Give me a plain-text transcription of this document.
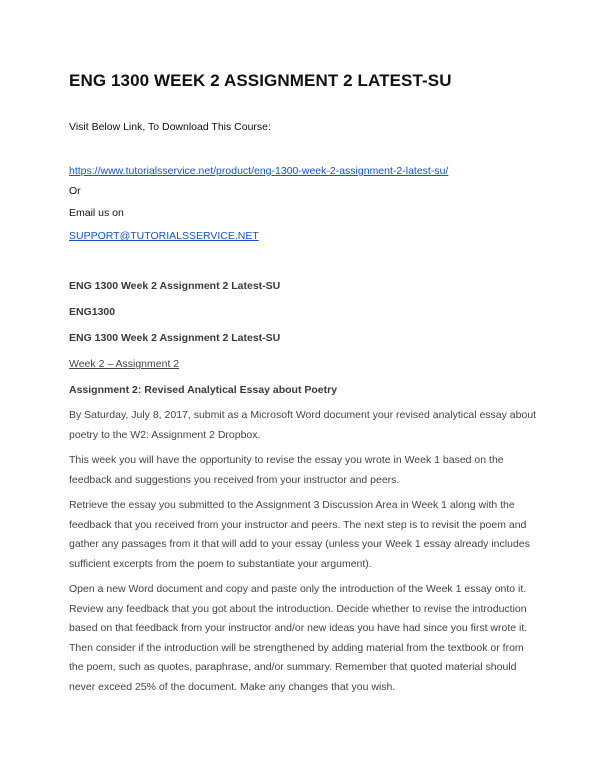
ENG 1300 WEEK 2 ASSIGNMENT 2 LATEST-SU

Visit Below Link, To Download This Course:

https://www.tutorialsservice.net/product/eng-1300-week-2-assignment-2-latest-su/

Or

Email us on

SUPPORT@TUTORIALSSERVICE.NET

ENG 1300 Week 2 Assignment 2 Latest-SU

ENG1300

ENG 1300 Week 2 Assignment 2 Latest-SU

Week 2 – Assignment 2

Assignment 2: Revised Analytical Essay about Poetry

By Saturday, July 8, 2017, submit as a Microsoft Word document your revised analytical essay about poetry to the W2: Assignment 2 Dropbox.

This week you will have the opportunity to revise the essay you wrote in Week 1 based on the feedback and suggestions you received from your instructor and peers.

Retrieve the essay you submitted to the Assignment 3 Discussion Area in Week 1 along with the feedback that you received from your instructor and peers. The next step is to revisit the poem and gather any passages from it that will add to your essay (unless your Week 1 essay already includes sufficient excerpts from the poem to substantiate your argument).

Open a new Word document and copy and paste only the introduction of the Week 1 essay onto it. Review any feedback that you got about the introduction. Decide whether to revise the introduction based on that feedback from your instructor and/or new ideas you have had since you first wrote it. Then consider if the introduction will be strengthened by adding material from the textbook or from the poem, such as quotes, paraphrase, and/or summary. Remember that quoted material should never exceed 25% of the document. Make any changes that you wish.
